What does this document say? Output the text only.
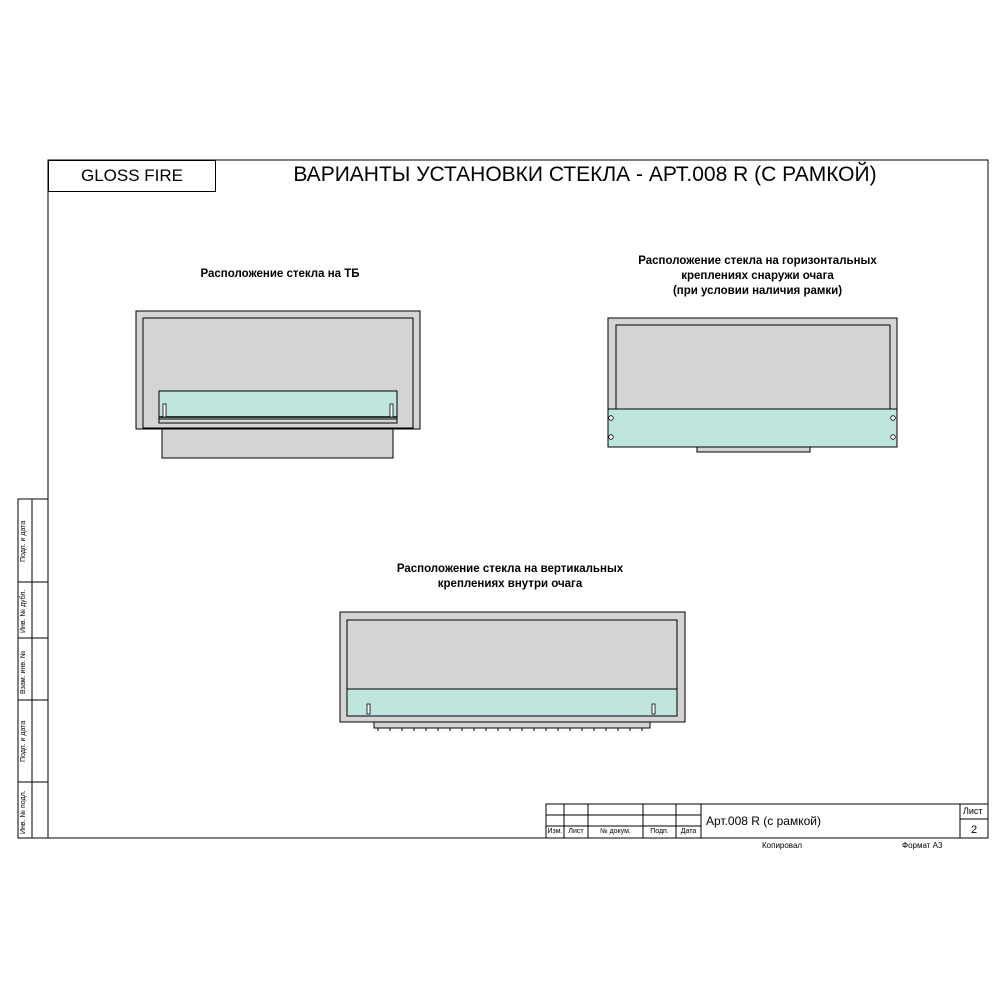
GLOSS FIRE	ВАРИАНТЫ УСТАНОВКИ СТЕКЛА - АРТ.008 R (С РАМКОЙ)
Расположение стекла на ТБ
Расположение стекла на горизонтальных
креплениях снаружи очага
(при условии наличия рамки)
Расположение стекла на вертикальных
креплениях внутри очага
Подп. и дата
Инв. № дубл.
Взам. инв. №
Подп. и дата
Инв. № подл.	Изм. Лист	№ докум.	Подп.	Дата
Арт.008 R (с рамкой)
Лист
2
Копировал	Формат А3
